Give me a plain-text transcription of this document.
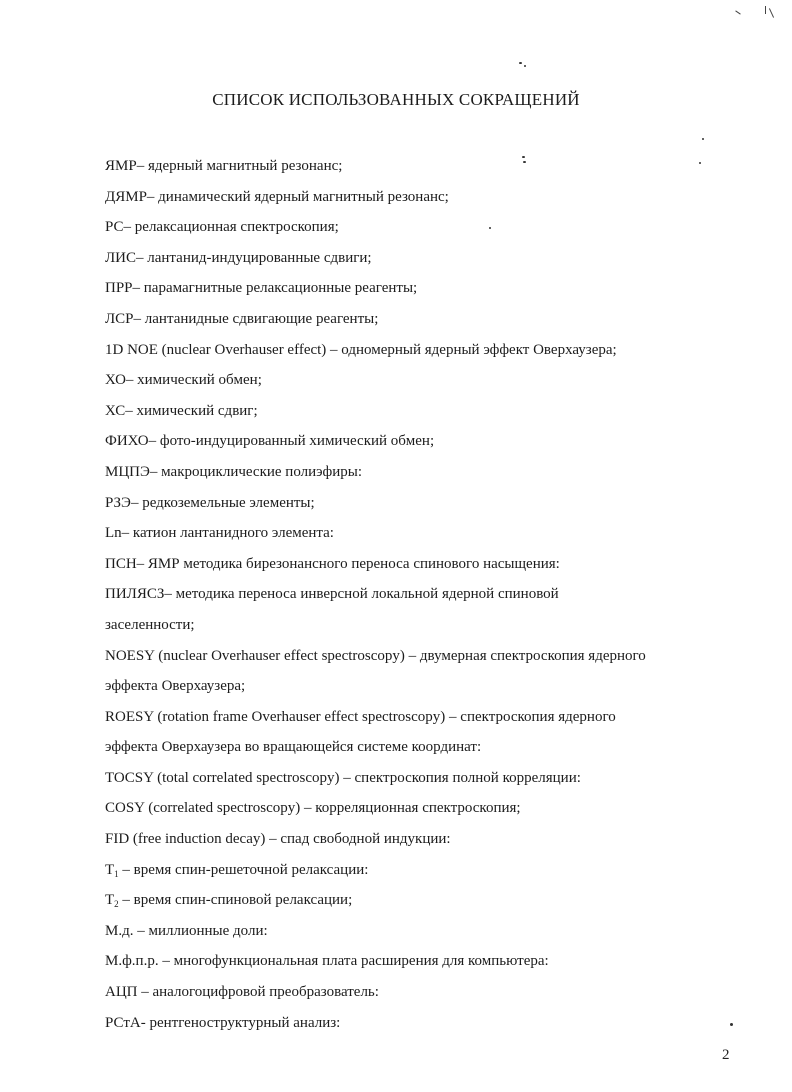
СПИСОК ИСПОЛЬЗОВАННЫХ СОКРАЩЕНИЙ
ЯМР– ядерный магнитный резонанс;
ДЯМР– динамический ядерный магнитный резонанс;
РС– релаксационная спектроскопия;
ЛИС– лантанид-индуцированные сдвиги;
ПРР– парамагнитные релаксационные реагенты;
ЛСР– лантанидные сдвигающие реагенты;
1D NOE (nuclear Overhauser effect) – одномерный ядерный эффект Оверхаузера;
ХО– химический обмен;
ХС– химический сдвиг;
ФИХО– фото-индуцированный химический обмен;
МЦПЭ– макроциклические полиэфиры:
РЗЭ– редкоземельные элементы;
Ln– катион лантанидного элемента:
ПСН– ЯМР методика бирезонансного переноса спинового насыщения:
ПИЛЯСЗ– методика переноса инверсной локальной ядерной спиновой
заселенности;
NOESY (nuclear Overhauser effect spectroscopy) – двумерная спектроскопия ядерного
эффекта Оверхаузера;
ROESY (rotation frame Overhauser effect spectroscopy) – спектроскопия ядерного
эффекта Оверхаузера во вращающейся системе координат:
TOCSY (total correlated spectroscopy) – спектроскопия полной корреляции:
COSY (correlated spectroscopy) – корреляционная спектроскопия;
FID (free induction decay) – спад свободной индукции:
$T_1$ – время спин-решеточной релаксации:
$T_2$ – время спин-спиновой релаксации;
М.д. – миллионные доли:
М.ф.п.р. – многофункциональная плата расширения для компьютера:
АЦП – аналогоцифровой преобразователь:
РСтА- рентгеноструктурный анализ:
2
